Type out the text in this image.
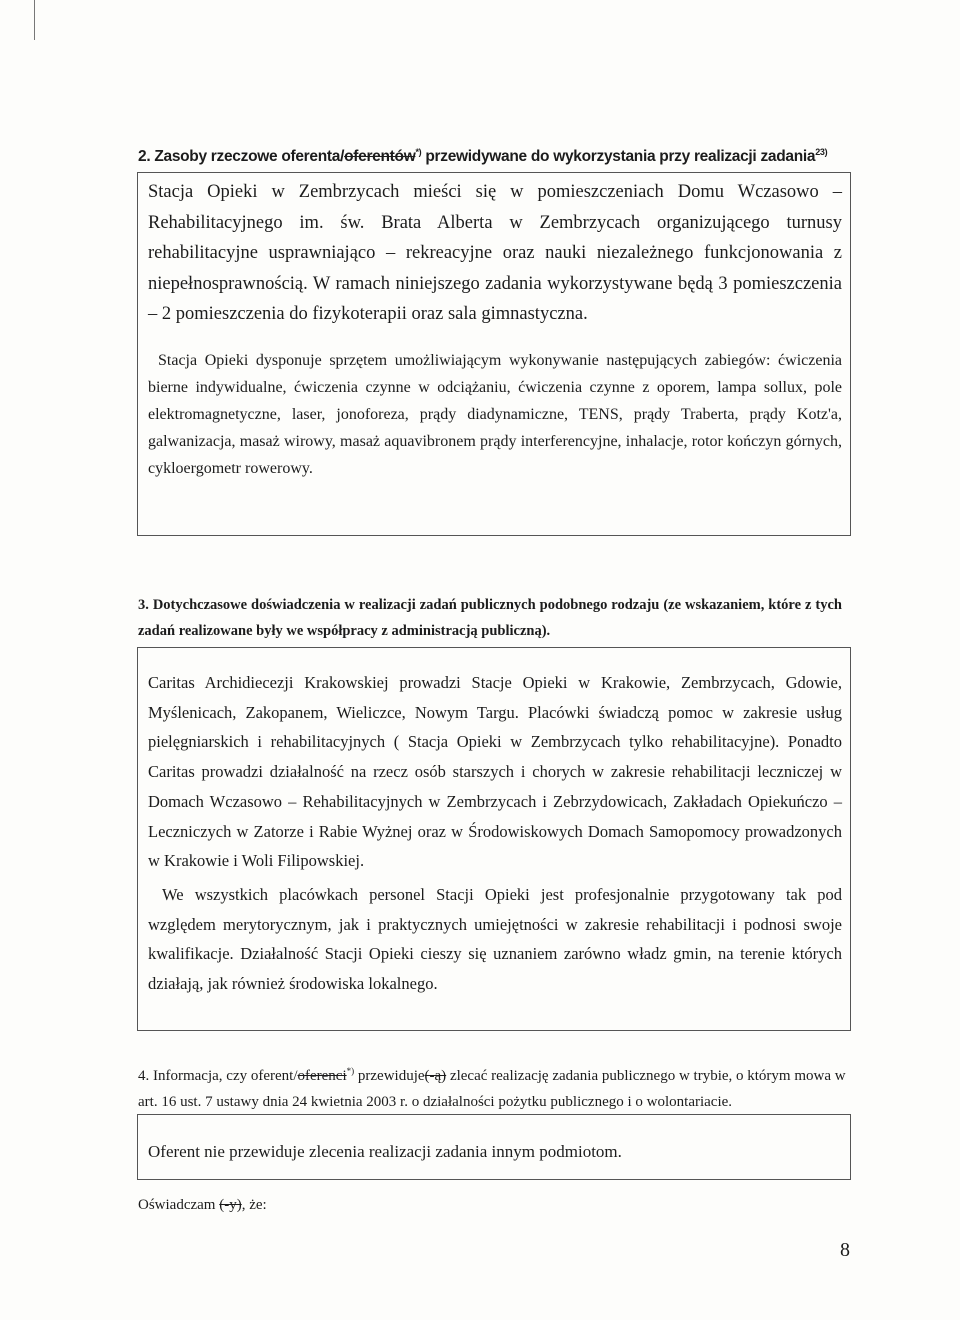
2. Zasoby rzeczowe oferenta/oferentów*) przewidywane do wykorzystania przy realizacji zadania$^{23)}$

Stacja Opieki w Zembrzycach mieści się w pomieszczeniach Domu Wczasowo – Rehabilitacyjnego im. św. Brata Alberta w Zembrzycach organizującego turnusy rehabilitacyjne usprawniająco – rekreacyjne oraz nauki niezależnego funkcjonowania z niepełnosprawnością. W ramach niniejszego zadania wykorzystywane będą 3 pomieszczenia – 2 pomieszczenia do fizykoterapii oraz sala gimnastyczna.

Stacja Opieki dysponuje sprzętem umożliwiającym wykonywanie następujących zabiegów: ćwiczenia bierne indywidualne, ćwiczenia czynne w odciążaniu, ćwiczenia czynne z oporem, lampa sollux, pole elektromagnetyczne, laser, jonoforeza, prądy diadynamiczne, TENS, prądy Traberta, prądy Kotz'a, galwanizacja, masaż wirowy, masaż aquavibronem prądy interferencyjne, inhalacje, rotor kończyn górnych, cykloergometr rowerowy.

3. Dotychczasowe doświadczenia w realizacji zadań publicznych podobnego rodzaju (ze wskazaniem, które z tych zadań realizowane były we współpracy z administracją publiczną).

Caritas Archidiecezji Krakowskiej prowadzi Stacje Opieki w Krakowie, Zembrzycach, Gdowie, Myślenicach, Zakopanem, Wieliczce, Nowym Targu. Placówki świadczą pomoc w zakresie usług pielęgniarskich i rehabilitacyjnych ( Stacja Opieki w Zembrzycach tylko rehabilitacyjne). Ponadto Caritas prowadzi działalność na rzecz osób starszych i chorych w zakresie rehabilitacji leczniczej w Domach Wczasowo – Rehabilitacyjnych w Zembrzycach i Zebrzydowicach, Zakładach Opiekuńczo – Leczniczych w Zatorze i Rabie Wyżnej oraz w Środowiskowych Domach Samopomocy prowadzonych w Krakowie i Woli Filipowskiej.

We wszystkich placówkach personel Stacji Opieki jest profesjonalnie przygotowany tak pod względem merytorycznym, jak i praktycznych umiejętności w zakresie rehabilitacji i podnosi swoje kwalifikacje. Działalność Stacji Opieki cieszy się uznaniem zarówno władz gmin, na terenie których działają, jak również środowiska lokalnego.

4. Informacja, czy oferent/oferenci*) przewiduje(-ą) zlecać realizację zadania publicznego w trybie, o którym mowa w art. 16 ust. 7 ustawy dnia 24 kwietnia 2003 r. o działalności pożytku publicznego i o wolontariacie.

Oferent nie przewiduje zlecenia realizacji zadania innym podmiotom.

Oświadczam (-y), że:
8
